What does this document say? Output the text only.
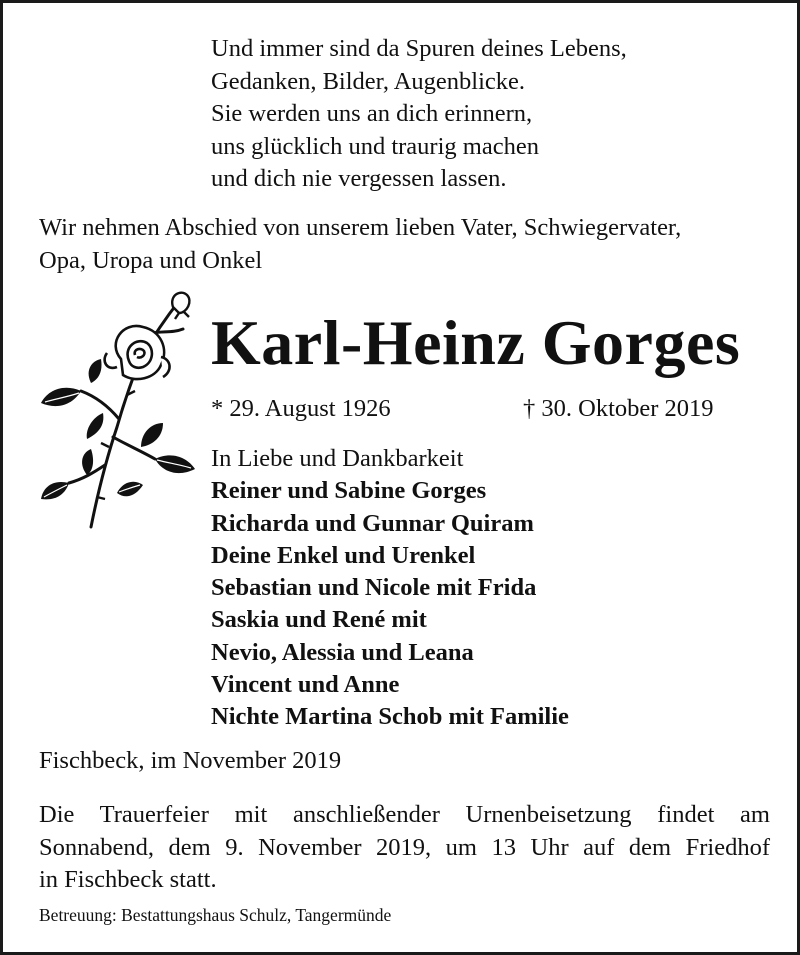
Und immer sind da Spuren deines Lebens,
Gedanken, Bilder, Augenblicke.
Sie werden uns an dich erinnern,
uns glücklich und traurig machen
und dich nie vergessen lassen.
Wir nehmen Abschied von unserem lieben Vater, Schwiegervater,
Opa, Uropa und Onkel
Karl-Heinz Gorges
* 29. August 1926	† 30. Oktober 2019
In Liebe und Dankbarkeit
Reiner und Sabine Gorges
Richarda und Gunnar Quiram
Deine Enkel und Urenkel
Sebastian und Nicole mit Frida
Saskia und René mit
Nevio, Alessia und Leana
Vincent und Anne
Nichte Martina Schob mit Familie
Fischbeck, im November 2019
Die Trauerfeier mit anschließender Urnenbeisetzung findet am
Sonnabend, dem 9. November 2019, um 13 Uhr auf dem Friedhof
in Fischbeck statt.
Betreuung: Bestattungshaus Schulz, Tangermünde
